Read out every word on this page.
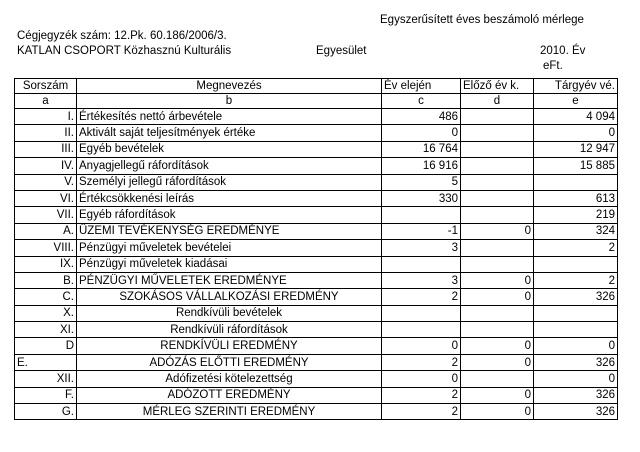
Egyszerűsített éves beszámoló mérlege
Cégjegyzék szám: 12.Pk. 60.186/2006/3.
KATLAN CSOPORT Közhasznú Kulturális	Egyesület	2010. Év
eFt.
Sorszám	Megnevezés	Év elején	Előző év k.	Tárgyév vé.
a	b	c	d	e
I.	Értékesítés nettó árbevétele	486		4 094
II.	Aktivált saját teljesítmények értéke	0		0
III.	Egyéb bevételek	16 764		12 947
IV.	Anyagjellegű ráfordítások	16 916		15 885
V.	Személyi jellegű ráfordítások	5		
VI.	Értékcsökkenési leírás	330		613
VII.	Egyéb ráfordítások			219
A.	ÜZEMI TEVÉKENYSÉG EREDMÉNYE	-1	0	324
VIII.	Pénzügyi műveletek bevételei	3		2
IX.	Pénzügyi műveletek kiadásai			
B.	PÉNZÜGYI MŰVELETEK EREDMÉNYE	3	0	2
C.	SZOKÁSOS VÁLLALKOZÁSI EREDMÉNY	2	0	326
X.	Rendkívüli bevételek			
XI.	Rendkívüli ráfordítások			
D	RENDKÍVÜLI EREDMÉNY	0	0	0
E.	ADÓZÁS ELŐTTI EREDMÉNY	2	0	326
XII.	Adófizetési kötelezettség	0		0
F.	ADÓZOTT EREDMÉNY	2	0	326
G.	MÉRLEG SZERINTI EREDMÉNY	2	0	326
